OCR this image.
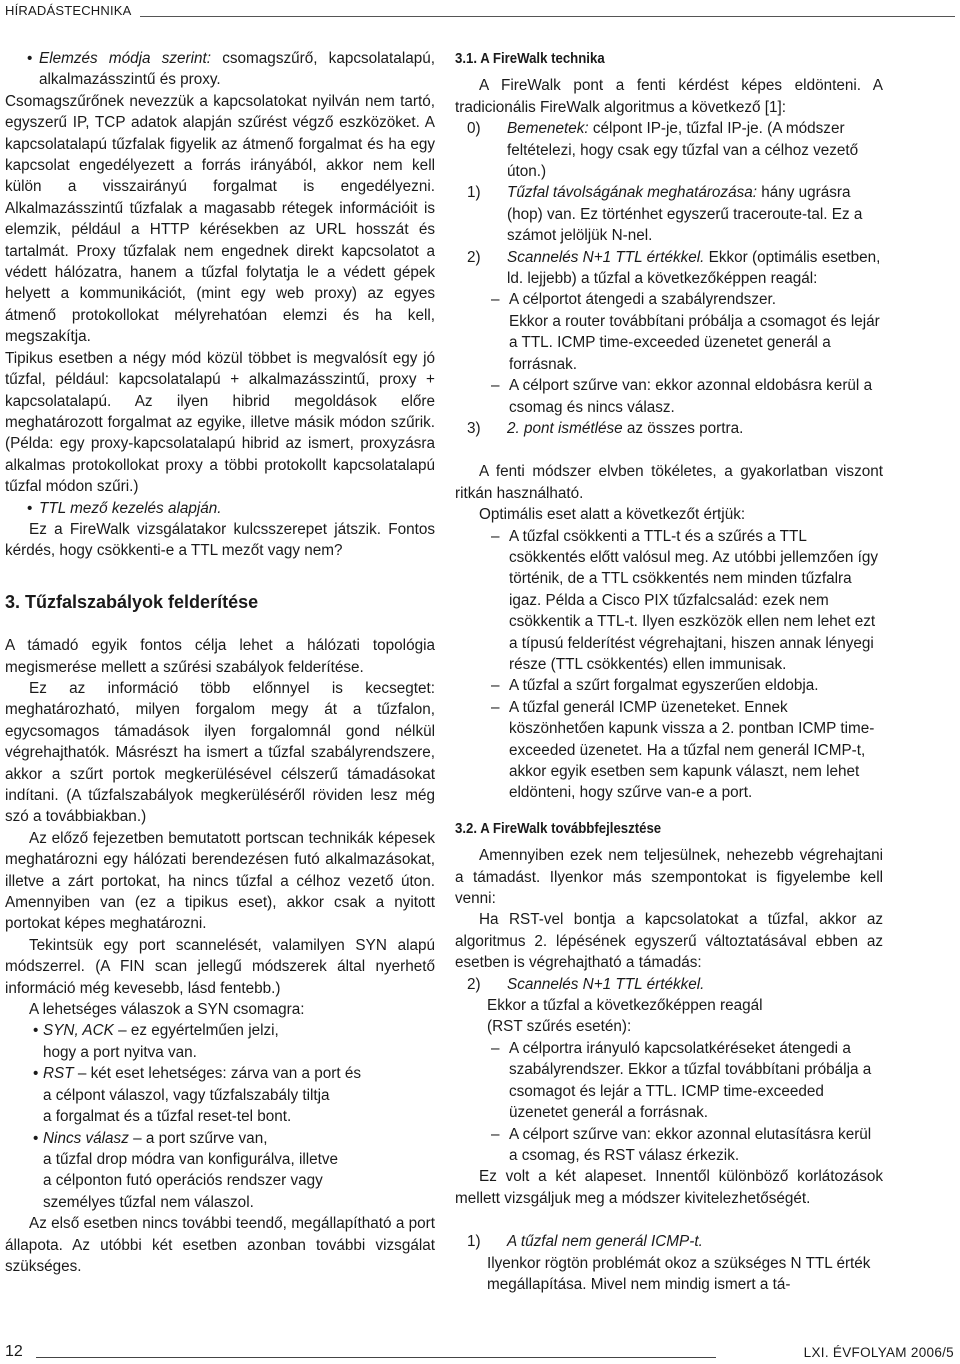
HÍRADÁSTECHNIKA
• Elemzés módja szerint: csomagszűrő, kapcsolatalapú, alkalmazásszintű és proxy.

Csomagszűrőnek nevezzük a kapcsolatokat nyilván nem tartó, egyszerű IP, TCP adatok alapján szűrést végző eszközöket. A kapcsolatalapú tűzfalak figyelik az átmenő forgalmat és ha egy kapcsolat engedélyezett a forrás irányából, akkor nem kell külön a visszairányú forgalmat is engedélyezni. Alkalmazásszintű tűzfalak a magasabb rétegek információit is elemzik, például a HTTP kérésekben az URL hosszát és tartalmát. Proxy tűzfalak nem engednek direkt kapcsolatot a védett hálózatra, hanem a tűzfal folytatja le a védett gépek helyett a kommunikációt, (mint egy web proxy) az egyes átmenő protokollokat mélyrehatóan elemzi és ha kell, megszakítja.

Tipikus esetben a négy mód közül többet is megvalósít egy jó tűzfal, például: kapcsolatalapú + alkalmazásszintű, proxy + kapcsolatalapú. Az ilyen hibrid megoldások előre meghatározott forgalmat az egyike, illetve másik módon szűrik. (Példa: egy proxy-kapcsolatalapú hibrid az ismert, proxyzásra alkalmas protokollokat proxy a többi protokollt kapcsolatalapú tűzfal módon szűri.)

• TTL mező kezelés alapján.

Ez a FireWalk vizsgálatakor kulcsszerepet játszik. Fontos kérdés, hogy csökkenti-e a TTL mezőt vagy nem?

3. Tűzfalszabályok felderítése

A támadó egyik fontos célja lehet a hálózati topológia megismerése mellett a szűrési szabályok felderítése.

Ez az információ több előnnyel is kecsegtet: meghatározható, milyen forgalom megy át a tűzfalon, egycsomagos támadások ilyen forgalomnál gond nélkül végrehajthatók. Másrészt ha ismert a tűzfal szabályrendszere, akkor a szűrt portok megkerülésével célszerű támadásokat indítani. (A tűzfalszabályok megkerüléséről röviden lesz még szó a továbbiakban.)

Az előző fejezetben bemutatott portscan technikák képesek meghatározni egy hálózati berendezésen futó alkalmazásokat, illetve a zárt portokat, ha nincs tűzfal a célhoz vezető úton. Amennyiben van (ez a tipikus eset), akkor csak a nyitott portokat képes meghatározni.

Tekintsük egy port scannelését, valamilyen SYN alapú módszerrel. (A FIN scan jellegű módszerek által nyerhető információ még kevesebb, lásd fentebb.)

A lehetséges válaszok a SYN csomagra:

• SYN, ACK – ez egyértelműen jelzi,
hogy a port nyitva van.
• RST – két eset lehetséges: zárva van a port és
a célpont válaszol, vagy tűzfalszabály tiltja
a forgalmat és a tűzfal reset-tel bont.
• Nincs válasz – a port szűrve van,
a tűzfal drop módra van konfigurálva, illetve
a célponton futó operációs rendszer vagy
személyes tűzfal nem válaszol.

Az első esetben nincs további teendő, megállapítható a port állapota. Az utóbbi két esetben azonban további vizsgálat szükséges.

3.1. A FireWalk technika

A FireWalk pont a fenti kérdést képes eldönteni. A tradicionális FireWalk algoritmus a következő [1]:

0) Bemenetek: célpont IP-je, tűzfal IP-je. (A módszer feltételezi, hogy csak egy tűzfal van a célhoz vezető úton.)
1) Tűzfal távolságának meghatározása: hány ugrásra (hop) van. Ez történhet egyszerű traceroute-tal. Ez a számot jelöljük N-nel.
2) Scannelés N+1 TTL értékkel. Ekkor (optimális esetben, ld. lejjebb) a tűzfal a következőképpen reagál:
– A célportot átengedi a szabályrendszer.
Ekkor a router továbbítani próbálja a csomagot és lejár a TTL. ICMP time-exceeded üzenetet generál a forrásnak.
– A célport szűrve van: ekkor azonnal eldobásra kerül a csomag és nincs válasz.
3) 2. pont ismétlése az összes portra.

A fenti módszer elvben tökéletes, a gyakorlatban viszont ritkán használható.

Optimális eset alatt a következőt értjük:

– A tűzfal csökkenti a TTL-t és a szűrés a TTL csökkentés előtt valósul meg. Az utóbbi jellemzően így történik, de a TTL csökkentés nem minden tűzfalra igaz. Példa a Cisco PIX tűzfalcsalád: ezek nem csökkentik a TTL-t. Ilyen eszközök ellen nem lehet ezt a típusú felderítést végrehajtani, hiszen annak lényegi része (TTL csökkentés) ellen immunisak.
– A tűzfal a szűrt forgalmat egyszerűen eldobja.
– A tűzfal generál ICMP üzeneteket. Ennek köszönhetően kapunk vissza a 2. pontban ICMP time-exceeded üzenetet. Ha a tűzfal nem generál ICMP-t, akkor egyik esetben sem kapunk választ, nem lehet eldönteni, hogy szűrve van-e a port.
3.2. A FireWalk továbbfejlesztése

Amennyiben ezek nem teljesülnek, nehezebb végrehajtani a támadást. Ilyenkor más szempontokat is figyelembe kell venni:

Ha RST-vel bontja a kapcsolatokat a tűzfal, akkor az algoritmus 2. lépésének egyszerű változtatásával ebben az esetben is végrehajtható a támadás:

2) Scannelés N+1 TTL értékkel.
Ekkor a tűzfal a következőképpen reagál
(RST szűrés esetén):
– A célportra irányuló kapcsolatkéréseket átengedi a szabályrendszer. Ekkor a tűzfal továbbítani próbálja a csomagot és lejár a TTL. ICMP time-exceeded üzenetet generál a forrásnak.
– A célport szűrve van: ekkor azonnal elutasításra kerül a csomag, és RST válasz érkezik.

Ez volt a két alapeset. Innentől különböző korlátozások mellett vizsgáljuk meg a módszer kivitelezhetőségét.

1) A tűzfal nem generál ICMP-t.
Ilyenkor rögtön problémát okoz a szükséges N TTL érték megállapítása. Mivel nem mindig ismert a tá-
12	LXI. ÉVFOLYAM 2006/5
